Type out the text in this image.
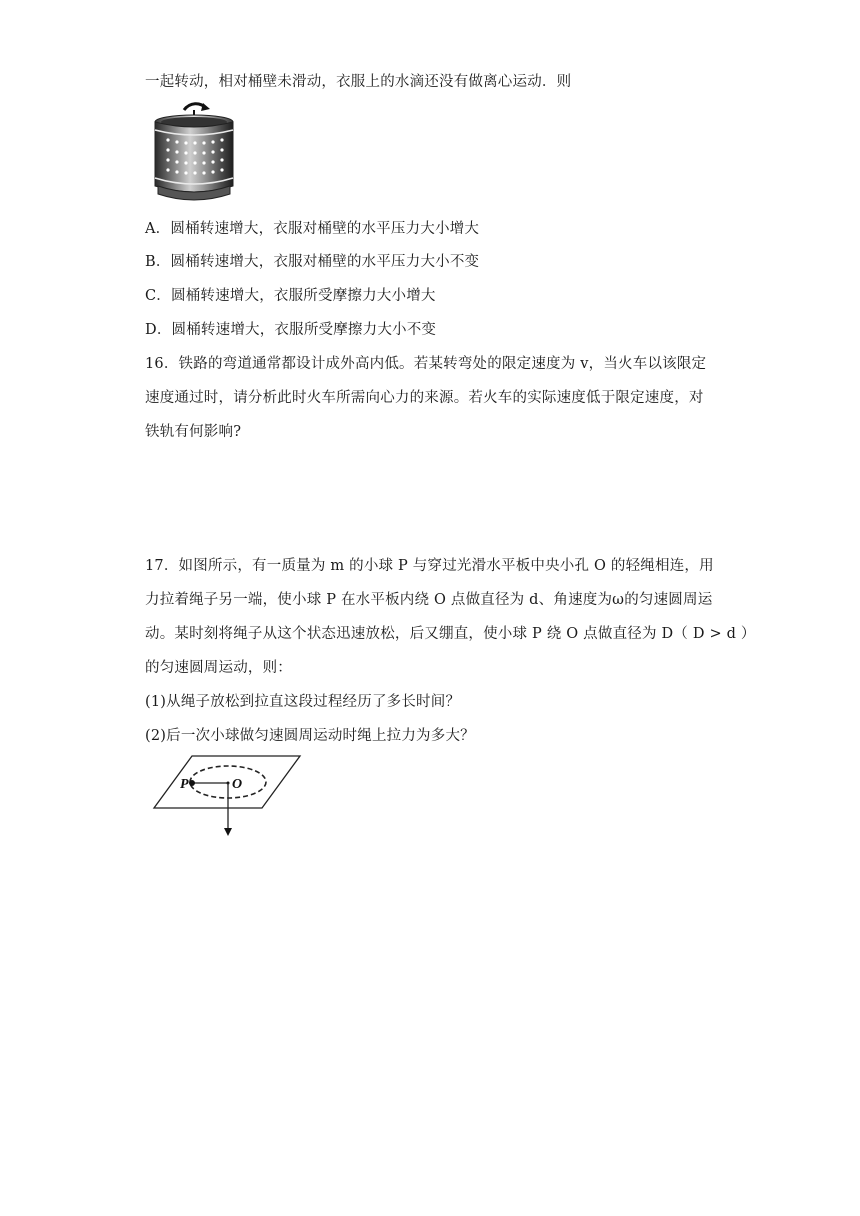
一起转动，相对桶壁未滑动，衣服上的水滴还没有做离心运动．则
A．圆桶转速增大，衣服对桶壁的水平压力大小增大
B．圆桶转速增大，衣服对桶壁的水平压力大小不变
C．圆桶转速增大，衣服所受摩擦力大小增大
D．圆桶转速增大，衣服所受摩擦力大小不变
16．铁路的弯道通常都设计成外高内低。若某转弯处的限定速度为 v，当火车以该限定
速度通过时，请分析此时火车所需向心力的来源。若火车的实际速度低于限定速度，对
铁轨有何影响?
17．如图所示，有一质量为 m 的小球 P 与穿过光滑水平板中央小孔 O 的轻绳相连，用
力拉着绳子另一端，使小球 P 在水平板内绕 O 点做直径为 d、角速度为ω的匀速圆周运
动。某时刻将绳子从这个状态迅速放松，后又绷直，使小球 P 绕 O 点做直径为 D（ D > d ）
的匀速圆周运动，则：
(1)从绳子放松到拉直这段过程经历了多长时间？
(2)后一次小球做匀速圆周运动时绳上拉力为多大？
P	O
